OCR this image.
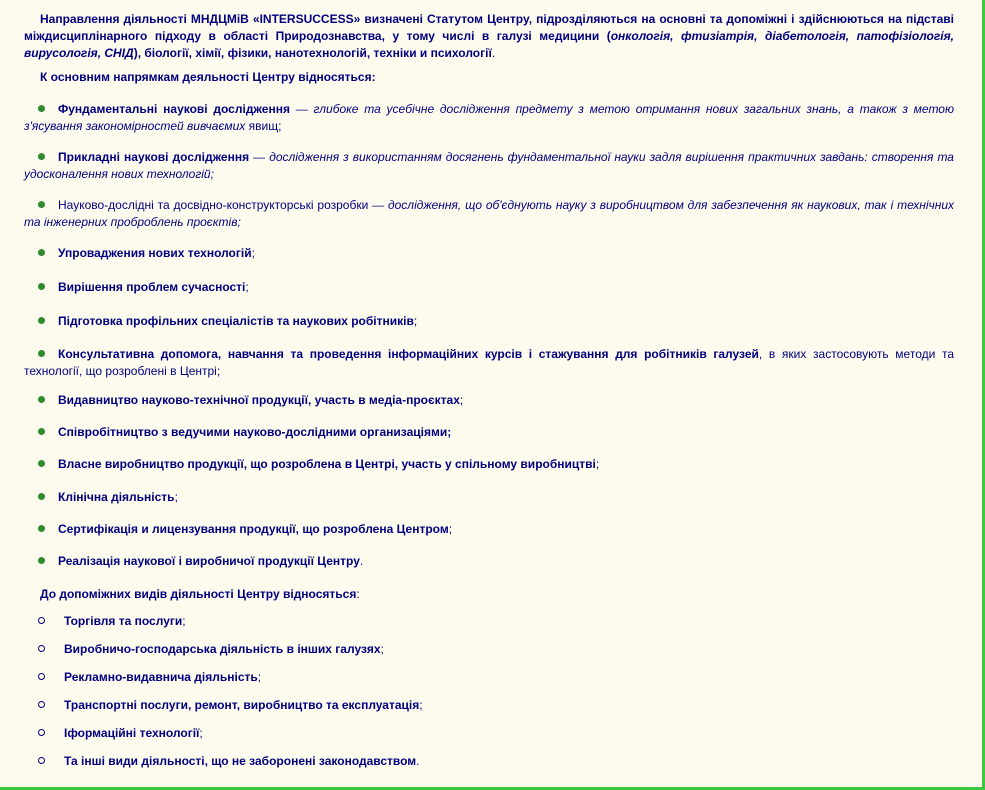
Направлення діяльності МНДЦМіВ «INTERSUCCESS» визначені Статутом Центру, підрозділяються на основні та допоміжні і здійснюються на підставі міждисциплінарного підходу в області Природознавства, у тому числі в галузі медицини (онкологія, фтизіатрія, діабетологія, патофізіологія, вирусологія, СНІД), біології, хімії, фізики, нанотехнологій, техніки и психології.

К основним напрямкам деяльності Центру відносяться:

Фундаментальні наукові дослідження — глибоке та усебічне дослідження предмету з метою отримання нових загальних знань, а також з метою з'ясування закономірностей вивчаємих явищ;
Прикладні наукові дослідження — дослідження з використанням досягнень фундаментальної науки задля вирішення практичних завдань: створення та удосконалення нових технологій;
Науково-дослідні та досвідно-конструкторські розробки — дослідження, що об'єднують науку з виробництвом для забезпечення як наукових, так і технічних та інженерних проброблень проєктів;
Упроваджения нових технологій;
Вирішення проблем сучасності;
Підготовка профільних спеціалістів та наукових робітників;
Консультативна допомога, навчання та проведення інформаційних курсів і стажування для робітників галузей, в яких застосовують методи та технології, що розроблені в Центрі;
Видавництво науково-технічної продукції, участь в медіа-проєктах;
Співробітництво з ведучими науково-дослідними организаціями;
Власне виробництво продукції, що розроблена в Центрі, участь у спільному виробництві;
Клінічна діяльність;
Сертифікація и лицензування продукції, що розроблена Центром;
Реалізація наукової і виробничої продукції Центру.

До допоміжних видів діяльності Центру відносяться:

Торгівля та послуги;
Виробничо-господарська діяльність в інших галузях;
Рекламно-видавнича діяльність;
Транспортні послуги, ремонт, виробництво та експлуатація;
Іформаційні технології;
Та інші види діяльності, що не заборонені законодавством.
